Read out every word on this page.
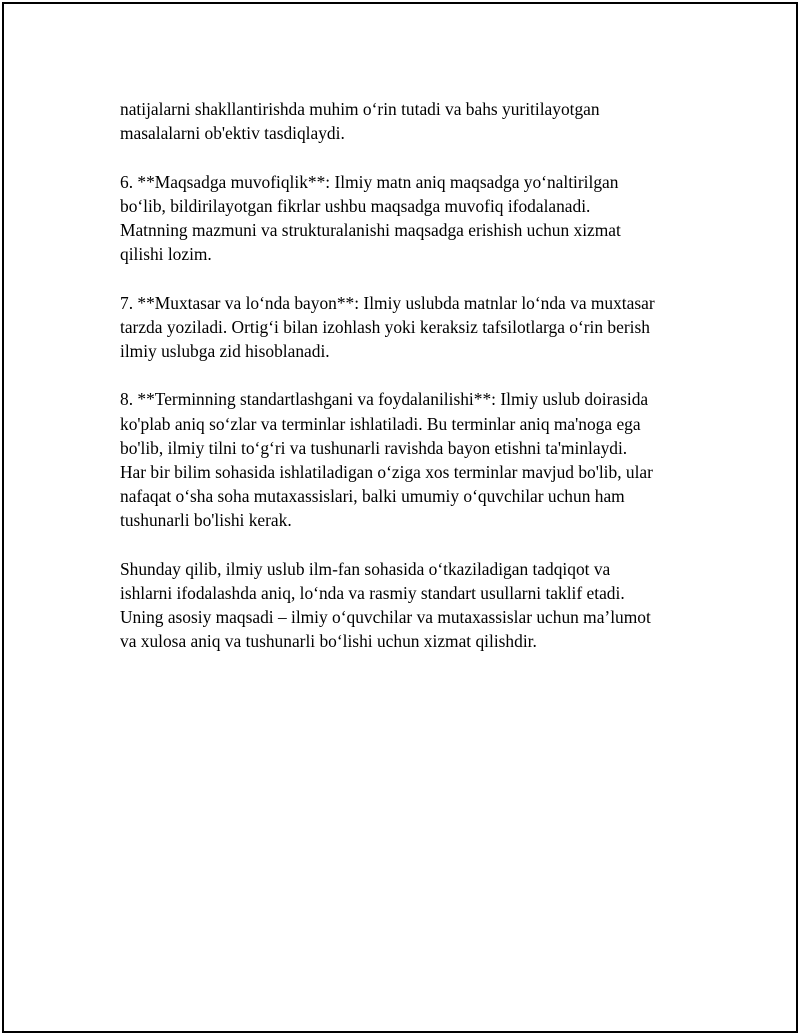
natijalarni shakllantirishda muhim o‘rin tutadi va bahs yuritilayotgan
masalalarni ob'ektiv tasdiqlaydi.

6. **Maqsadga muvofiqlik**: Ilmiy matn aniq maqsadga yo‘naltirilgan
bo‘lib, bildirilayotgan fikrlar ushbu maqsadga muvofiq ifodalanadi.
Matnning mazmuni va strukturalanishi maqsadga erishish uchun xizmat
qilishi lozim.

7. **Muxtasar va lo‘nda bayon**: Ilmiy uslubda matnlar lo‘nda va muxtasar
tarzda yoziladi. Ortig‘i bilan izohlash yoki keraksiz tafsilotlarga o‘rin berish
ilmiy uslubga zid hisoblanadi.

8. **Terminning standartlashgani va foydalanilishi**: Ilmiy uslub doirasida
ko'plab aniq so‘zlar va terminlar ishlatiladi. Bu terminlar aniq ma'noga ega
bo'lib, ilmiy tilni to‘g‘ri va tushunarli ravishda bayon etishni ta'minlaydi.
Har bir bilim sohasida ishlatiladigan o‘ziga xos terminlar mavjud bo'lib, ular
nafaqat o‘sha soha mutaxassislari, balki umumiy o‘quvchilar uchun ham
tushunarli bo'lishi kerak.

Shunday qilib, ilmiy uslub ilm-fan sohasida o‘tkaziladigan tadqiqot va
ishlarni ifodalashda aniq, lo‘nda va rasmiy standart usullarni taklif etadi.
Uning asosiy maqsadi – ilmiy o‘quvchilar va mutaxassislar uchun ma’lumot
va xulosa aniq va tushunarli bo‘lishi uchun xizmat qilishdir.
